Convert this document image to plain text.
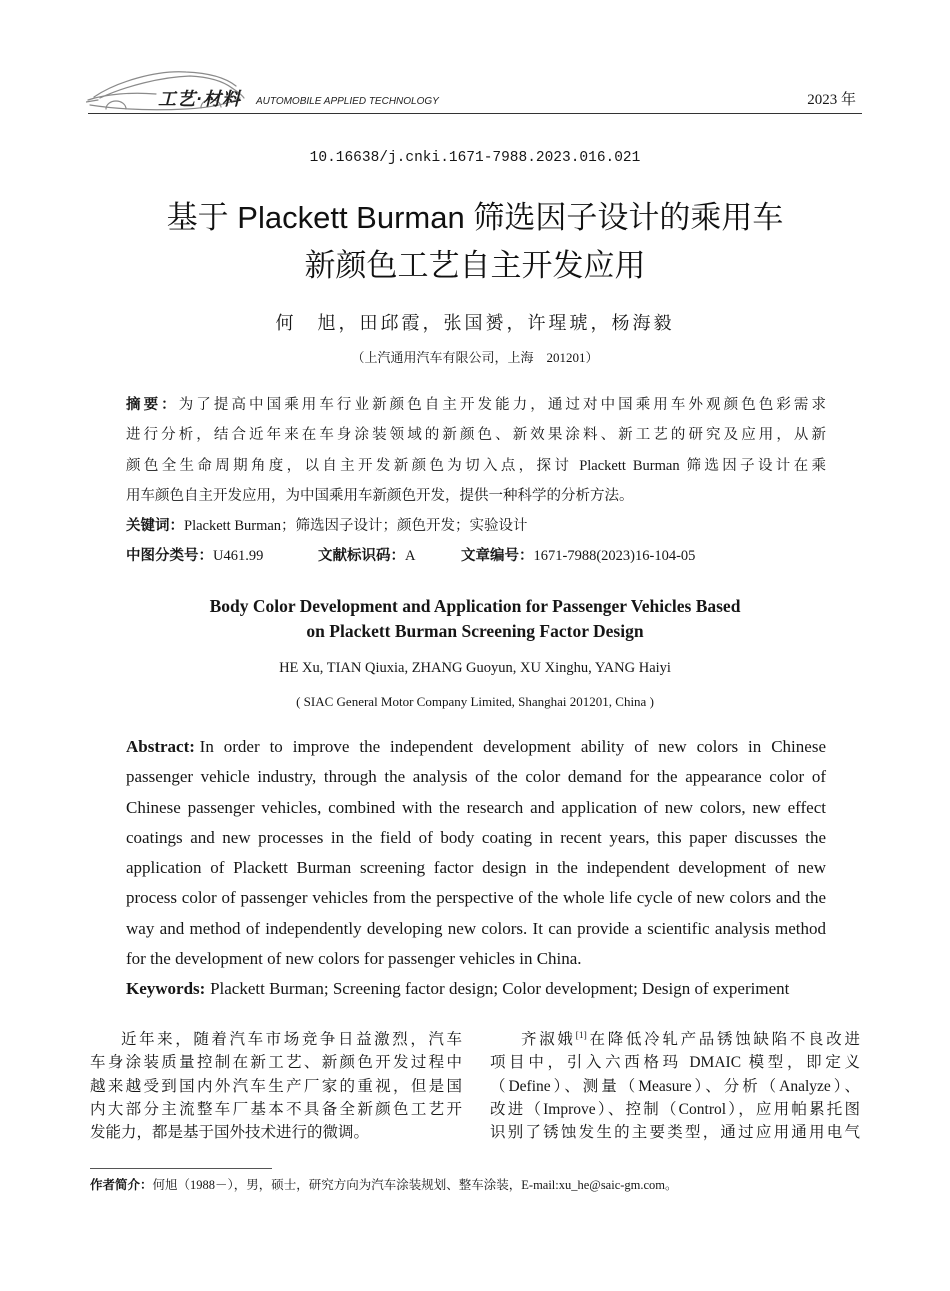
工艺·材料 AUTOMOBILE APPLIED TECHNOLOGY	2023 年
10.16638/j.cnki.1671-7988.2023.016.021
基于 Plackett Burman 筛选因子设计的乘用车
新颜色工艺自主开发应用
何　旭，田邱霞，张国赟，许瑆琥，杨海毅
（上汽通用汽车有限公司，上海　201201）
摘要：为了提高中国乘用车行业新颜色自主开发能力，通过对中国乘用车外观颜色色彩需求
进行分析，结合近年来在车身涂装领域的新颜色、新效果涂料、新工艺的研究及应用，从新
颜色全生命周期角度，以自主开发新颜色为切入点，探讨 Plackett Burman 筛选因子设计在乘
用车颜色自主开发应用，为中国乘用车新颜色开发，提供一种科学的分析方法。
关键词：Plackett Burman；筛选因子设计；颜色开发；实验设计
中图分类号：U461.99	文献标识码：A	文章编号：1671-7988(2023)16-104-05
Body Color Development and Application for Passenger Vehicles Based
on Plackett Burman Screening Factor Design
HE Xu, TIAN Qiuxia, ZHANG Guoyun, XU Xinghu, YANG Haiyi
( SIAC General Motor Company Limited, Shanghai 201201, China )
Abstract: In order to improve the independent development ability of new colors in Chinese
passenger vehicle industry, through the analysis of the color demand for the appearance color of
Chinese passenger vehicles, combined with the research and application of new colors, new effect
coatings and new processes in the field of body coating in recent years, this paper discusses the
application of Plackett Burman screening factor design in the independent development of new
process color of passenger vehicles from the perspective of the whole life cycle of new colors and the
way and method of independently developing new colors. It can provide a scientific analysis method
for the development of new colors for passenger vehicles in China.
Keywords: Plackett Burman; Screening factor design; Color development; Design of experiment
近年来，随着汽车市场竞争日益激烈，汽车
车身涂装质量控制在新工艺、新颜色开发过程中
越来越受到国内外汽车生产厂家的重视，但是国
内大部分主流整车厂基本不具备全新颜色工艺开
发能力，都是基于国外技术进行的微调。
齐淑娥[1]在降低冷轧产品锈蚀缺陷不良改进
项目中，引入六西格玛 DMAIC 模型，即定义
（Define）、测量（Measure）、分析（Analyze）、
改进（Improve）、控制（Control），应用帕累托图
识别了锈蚀发生的主要类型，通过应用通用电气
作者简介：何旭（1988－），男，硕士，研究方向为汽车涂装规划、整车涂装，E-mail:xu_he@saic-gm.com。
